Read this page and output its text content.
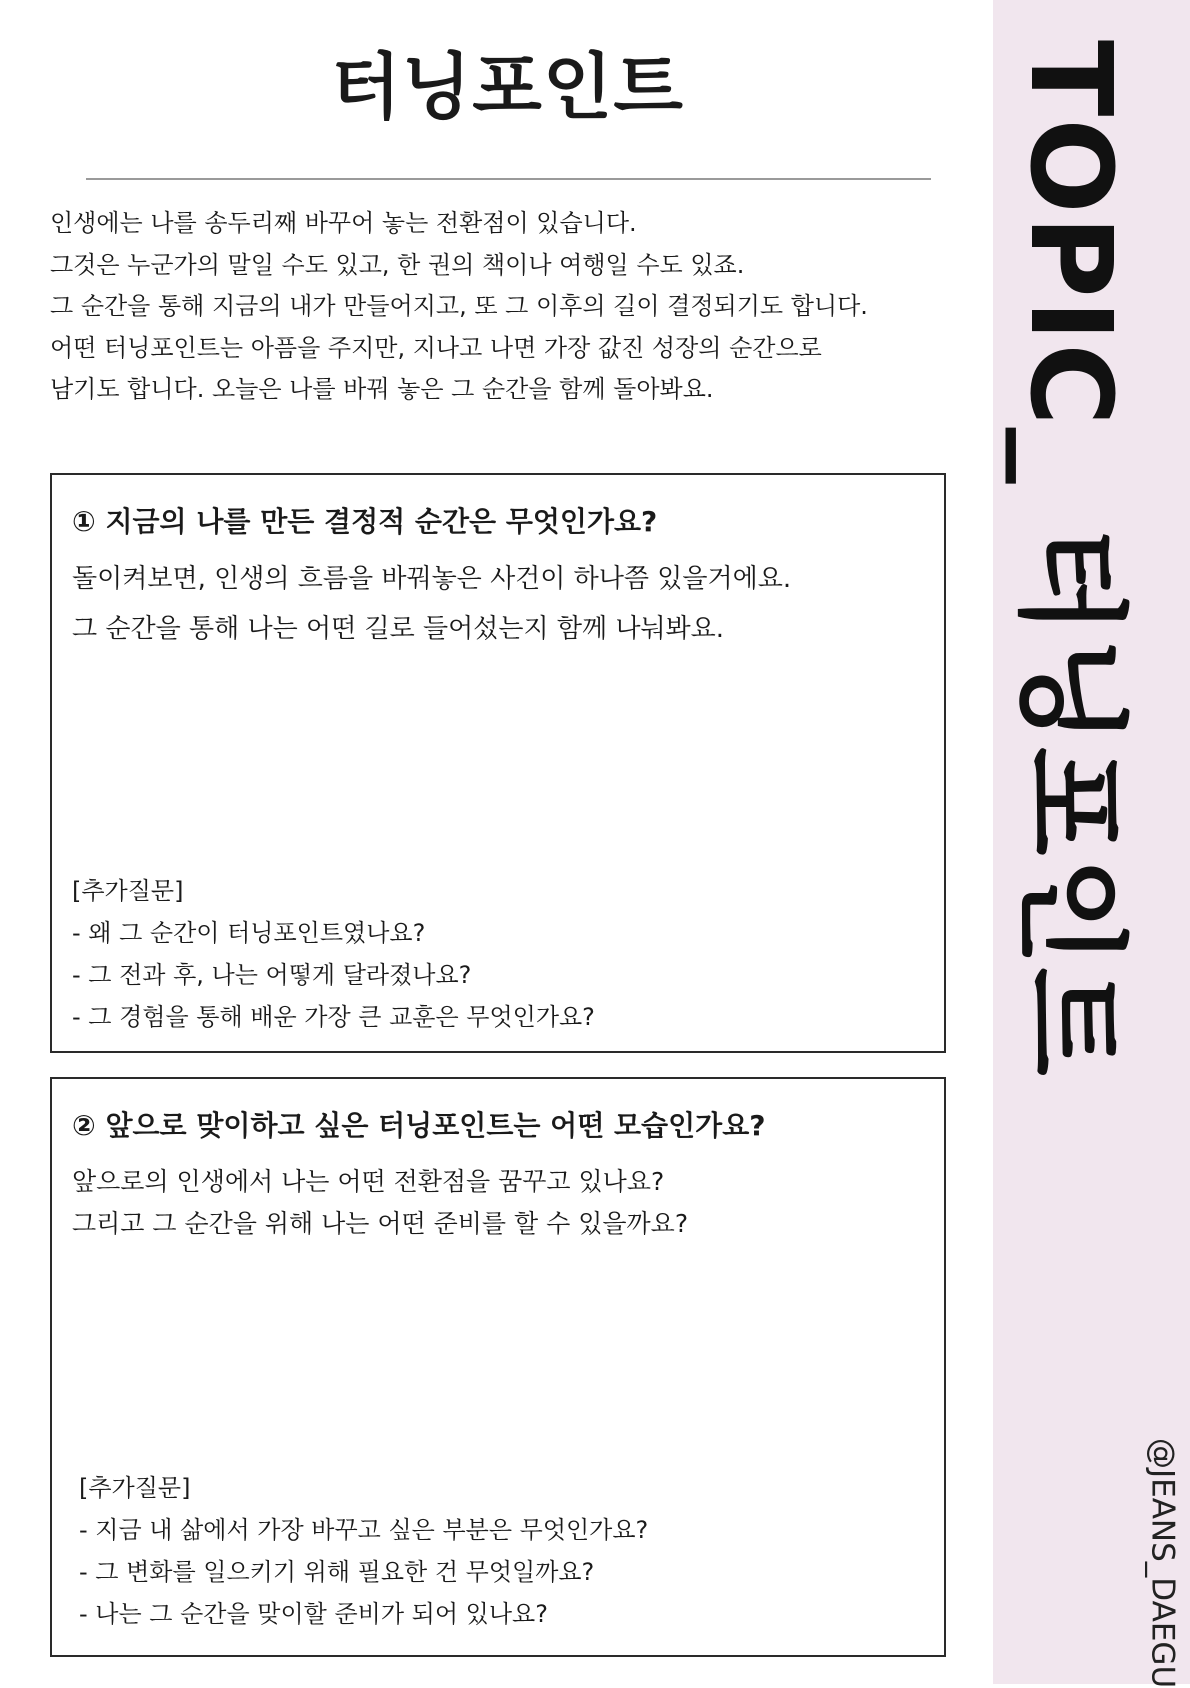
TOPIC_ 터닝포인트
@JEANS_DAEGU
터닝포인트

인생에는 나를 송두리째 바꾸어 놓는 전환점이 있습니다.

그것은 누군가의 말일 수도 있고, 한 권의 책이나 여행일 수도 있죠.

그 순간을 통해 지금의 내가 만들어지고, 또 그 이후의 길이 결정되기도 합니다.

어떤 터닝포인트는 아픔을 주지만, 지나고 나면 가장 값진 성장의 순간으로

남기도 합니다. 오늘은 나를 바꿔 놓은 그 순간을 함께 돌아봐요.

① 지금의 나를 만든 결정적 순간은 무엇인가요?

돌이켜보면, 인생의 흐름을 바꿔놓은 사건이 하나쯤 있을거에요.

그 순간을 통해 나는 어떤 길로 들어섰는지 함께 나눠봐요.

[추가질문]

- 왜 그 순간이 터닝포인트였나요?

- 그 전과 후, 나는 어떻게 달라졌나요?

- 그 경험을 통해 배운 가장 큰 교훈은 무엇인가요?

② 앞으로 맞이하고 싶은 터닝포인트는 어떤 모습인가요?

앞으로의 인생에서 나는 어떤 전환점을 꿈꾸고 있나요?

그리고 그 순간을 위해 나는 어떤 준비를 할 수 있을까요?

[추가질문]

- 지금 내 삶에서 가장 바꾸고 싶은 부분은 무엇인가요?

- 그 변화를 일으키기 위해 필요한 건 무엇일까요?

- 나는 그 순간을 맞이할 준비가 되어 있나요?
